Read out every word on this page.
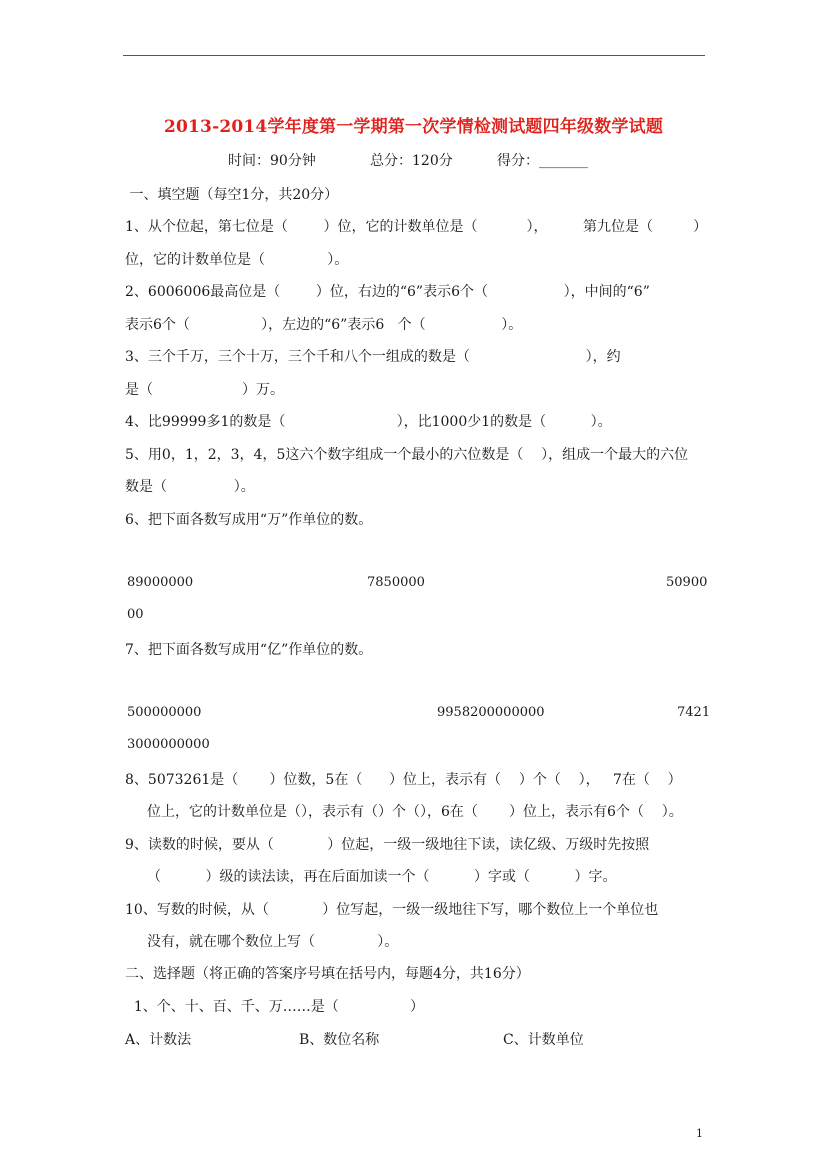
2013-2014学年度第一学期第一次学情检测试题四年级数学试题
时间：90分钟	总分：120分	得分：_______
一、填空题（每空1分，共20分）
1、从个位起，第七位是（        ）位，它的计数单位是（           ），        第九位是（         ）
位，它的计数单位是（              ）。
2、6006006最高位是（        ）位，右边的“6”表示6个（                 ），中间的“6”
表示6个（                ），左边的“6”表示6   个（                 ）。
3、三个千万，三个十万，三个千和八个一组成的数是（                          ），约
是（                    ）万。
4、比99999多1的数是（                         ），比1000少1的数是（          ）。
5、用0，1，2，3，4，5这六个数字组成一个最小的六位数是（    ），组成一个最大的六位
数是（               ）。
6、把下面各数写成用“万”作单位的数。
89000000	7850000	50900
00
7、把下面各数写成用“亿”作单位的数。
500000000	9958200000000	7421
3000000000
8、5073261是（       ）位数，5在（      ）位上，表示有（    ）个（    ），   7在（    ）
位上，它的计数单位是（），表示有（）个（），6在（       ）位上，表示有6个（    ）。
9、读数的时候，要从（            ）位起，一级一级地往下读，读亿级、万级时先按照
（          ）级的读法读，再在后面加读一个（          ）字或（          ）字。
10、写数的时候，从（            ）位写起，一级一级地往下写，哪个数位上一个单位也
没有，就在哪个数位上写（              ）。
二、选择题（将正确的答案序号填在括号内，每题4分，共16分）
1、个、十、百、千、万……是（                ）
A、计数法	B、数位名称	C、计数单位
1
